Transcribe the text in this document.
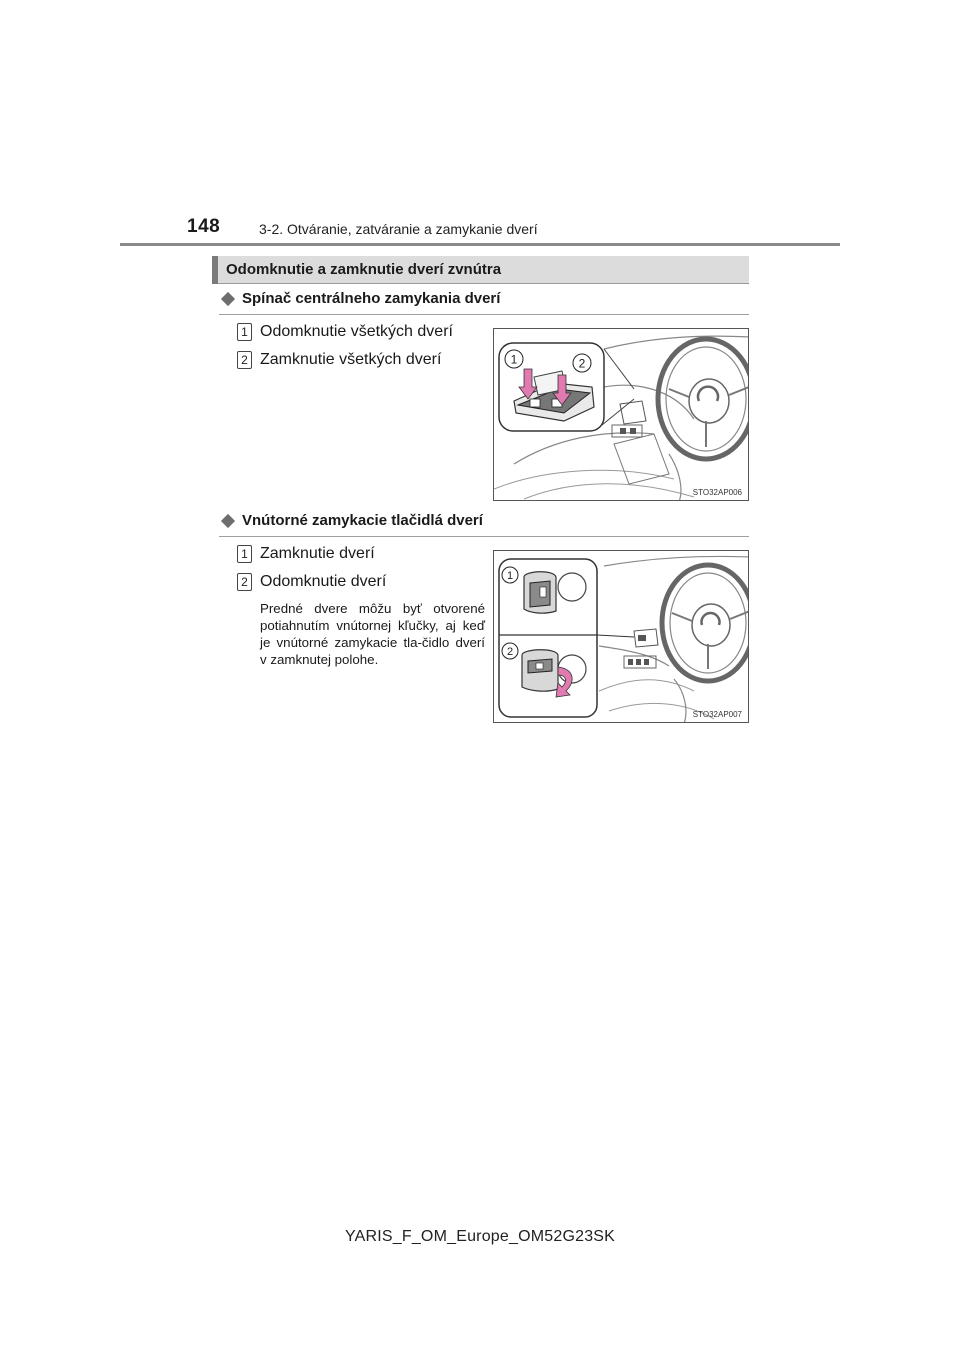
148	3-2. Otváranie, zatváranie a zamykanie dverí
Odomknutie a zamknutie dverí zvnútra
Spínač centrálneho zamykania dverí
1 Odomknutie všetkých dverí
2 Zamknutie všetkých dverí	1	2
STO32AP006
Vnútorné zamykacie tlačidlá dverí
1 Zamknutie dverí
2 Odomknutie dverí
Predné dvere môžu byť otvorené potiahnutím vnútornej kľučky, aj keď je vnútorné zamykacie tla-čidlo dverí v zamknutej polohe.
1
2
STO32AP007
YARIS_F_OM_Europe_OM52G23SK
